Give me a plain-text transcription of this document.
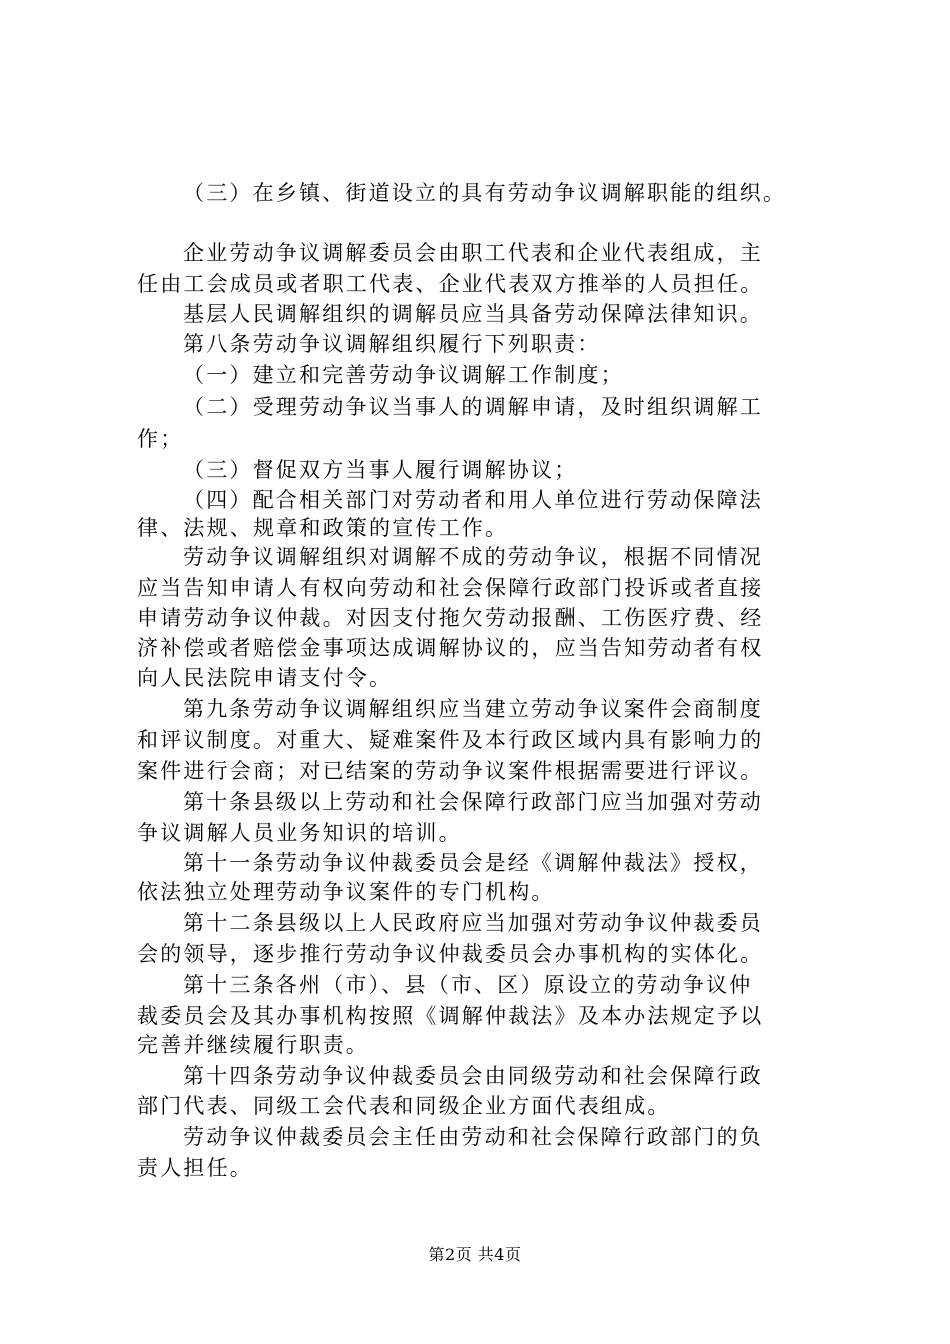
（三）在乡镇、街道设立的具有劳动争议调解职能的组织。

企业劳动争议调解委员会由职工代表和企业代表组成，主

任由工会成员或者职工代表、企业代表双方推举的人员担任。

基层人民调解组织的调解员应当具备劳动保障法律知识。

第八条劳动争议调解组织履行下列职责：

（一）建立和完善劳动争议调解工作制度；

（二）受理劳动争议当事人的调解申请，及时组织调解工

作；

（三）督促双方当事人履行调解协议；

（四）配合相关部门对劳动者和用人单位进行劳动保障法

律、法规、规章和政策的宣传工作。

劳动争议调解组织对调解不成的劳动争议，根据不同情况

应当告知申请人有权向劳动和社会保障行政部门投诉或者直接

申请劳动争议仲裁。对因支付拖欠劳动报酬、工伤医疗费、经

济补偿或者赔偿金事项达成调解协议的，应当告知劳动者有权

向人民法院申请支付令。

第九条劳动争议调解组织应当建立劳动争议案件会商制度

和评议制度。对重大、疑难案件及本行政区域内具有影响力的

案件进行会商；对已结案的劳动争议案件根据需要进行评议。

第十条县级以上劳动和社会保障行政部门应当加强对劳动

争议调解人员业务知识的培训。

第十一条劳动争议仲裁委员会是经《调解仲裁法》授权，

依法独立处理劳动争议案件的专门机构。

第十二条县级以上人民政府应当加强对劳动争议仲裁委员

会的领导，逐步推行劳动争议仲裁委员会办事机构的实体化。

第十三条各州（市）、县（市、区）原设立的劳动争议仲

裁委员会及其办事机构按照《调解仲裁法》及本办法规定予以

完善并继续履行职责。

第十四条劳动争议仲裁委员会由同级劳动和社会保障行政

部门代表、同级工会代表和同级企业方面代表组成。

劳动争议仲裁委员会主任由劳动和社会保障行政部门的负

责人担任。

第2页 共4页
